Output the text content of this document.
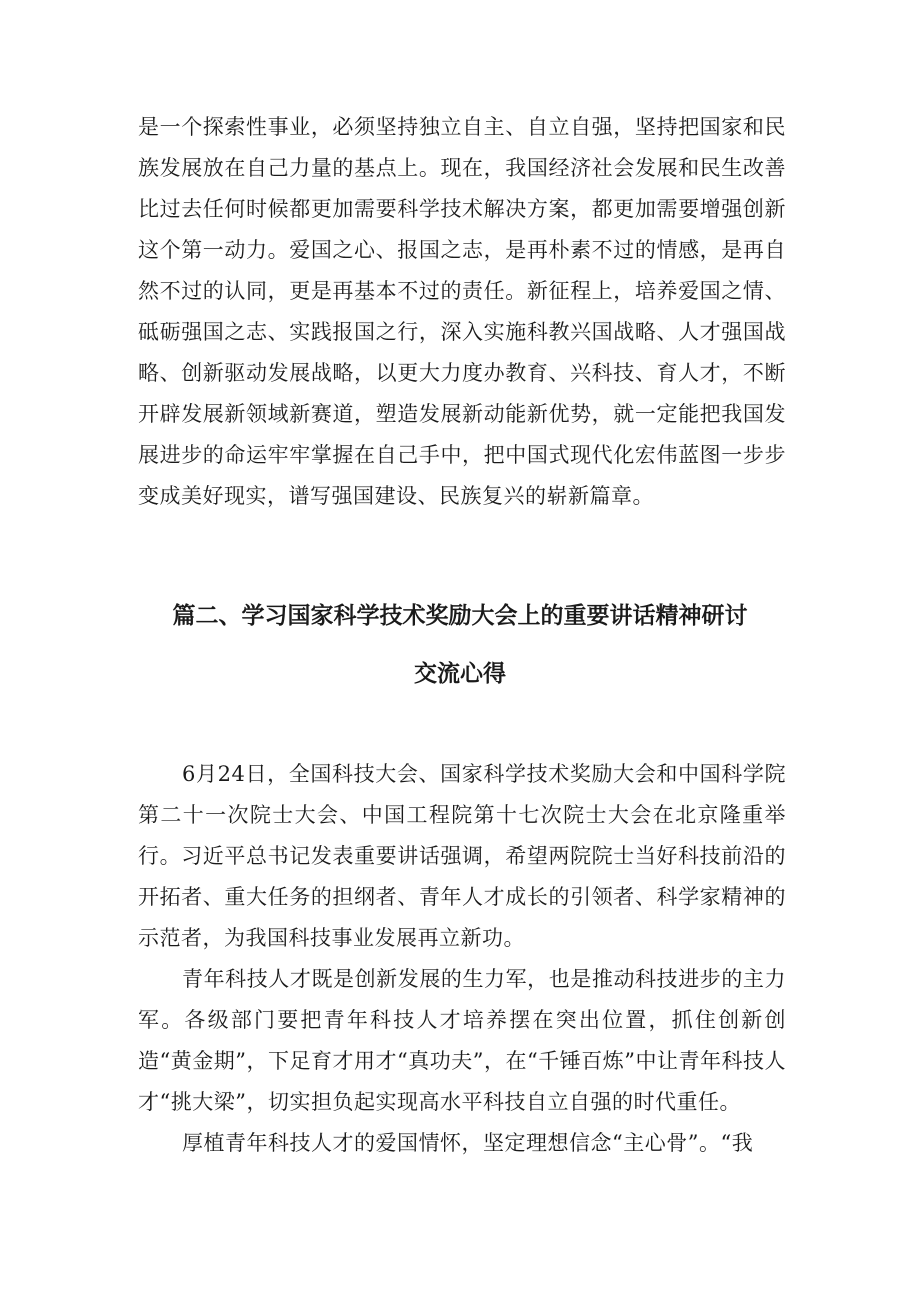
是一个探索性事业，必须坚持独立自主、自立自强，坚持把国家和民族发展放在自己力量的基点上。现在，我国经济社会发展和民生改善比过去任何时候都更加需要科学技术解决方案，都更加需要增强创新这个第一动力。爱国之心、报国之志，是再朴素不过的情感，是再自然不过的认同，更是再基本不过的责任。新征程上，培养爱国之情、砥砺强国之志、实践报国之行，深入实施科教兴国战略、人才强国战略、创新驱动发展战略，以更大力度办教育、兴科技、育人才，不断开辟发展新领域新赛道，塑造发展新动能新优势，就一定能把我国发展进步的命运牢牢掌握在自己手中，把中国式现代化宏伟蓝图一步步变成美好现实，谱写强国建设、民族复兴的崭新篇章。

篇二、学习国家科学技术奖励大会上的重要讲话精神研讨
交流心得

6月24日，全国科技大会、国家科学技术奖励大会和中国科学院第二十一次院士大会、中国工程院第十七次院士大会在北京隆重举行。习近平总书记发表重要讲话强调，希望两院院士当好科技前沿的开拓者、重大任务的担纲者、青年人才成长的引领者、科学家精神的示范者，为我国科技事业发展再立新功。

青年科技人才既是创新发展的生力军，也是推动科技进步的主力军。各级部门要把青年科技人才培养摆在突出位置，抓住创新创造“黄金期”，下足育才用才“真功夫”，在“千锤百炼”中让青年科技人才“挑大梁”，切实担负起实现高水平科技自立自强的时代重任。

厚植青年科技人才的爱国情怀，坚定理想信念“主心骨”。“我
